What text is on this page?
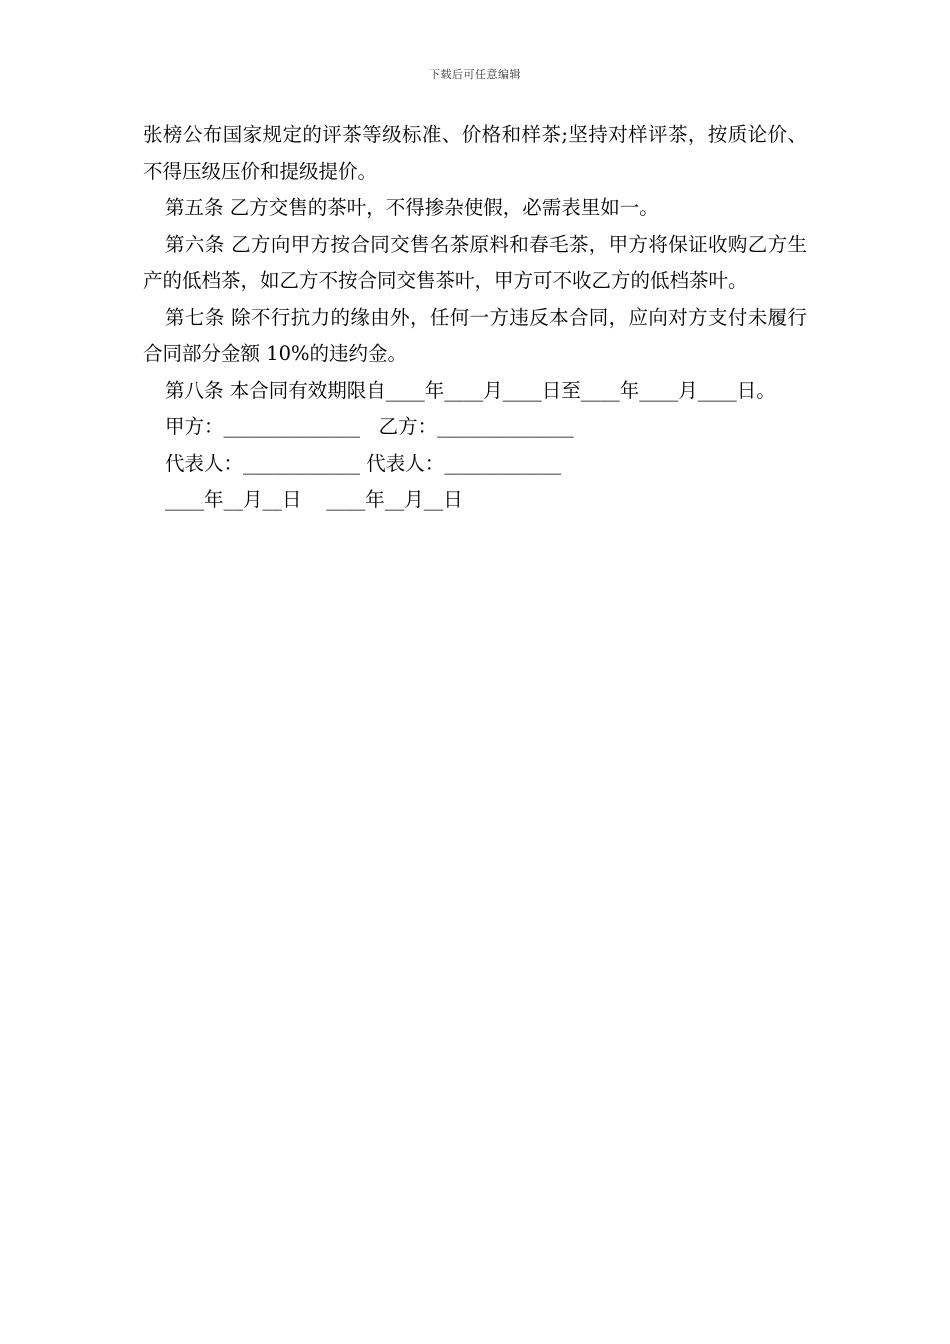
下载后可任意编辑

张榜公布国家规定的评茶等级标准、价格和样茶;坚持对样评茶，按质论价、不得压级压价和提级提价。

第五条 乙方交售的茶叶，不得掺杂使假，必需表里如一。

第六条 乙方向甲方按合同交售名茶原料和春毛茶，甲方将保证收购乙方生产的低档茶，如乙方不按合同交售茶叶，甲方可不收乙方的低档茶叶。

第七条 除不行抗力的缘由外，任何一方违反本合同，应向对方支付未履行合同部分金额 10%的违约金。

第八条 本合同有效期限自____年____月____日至____年____月____日。

甲方：______________   乙方：______________

代表人：____________ 代表人：____________

____年__月__日    ____年__月__日
